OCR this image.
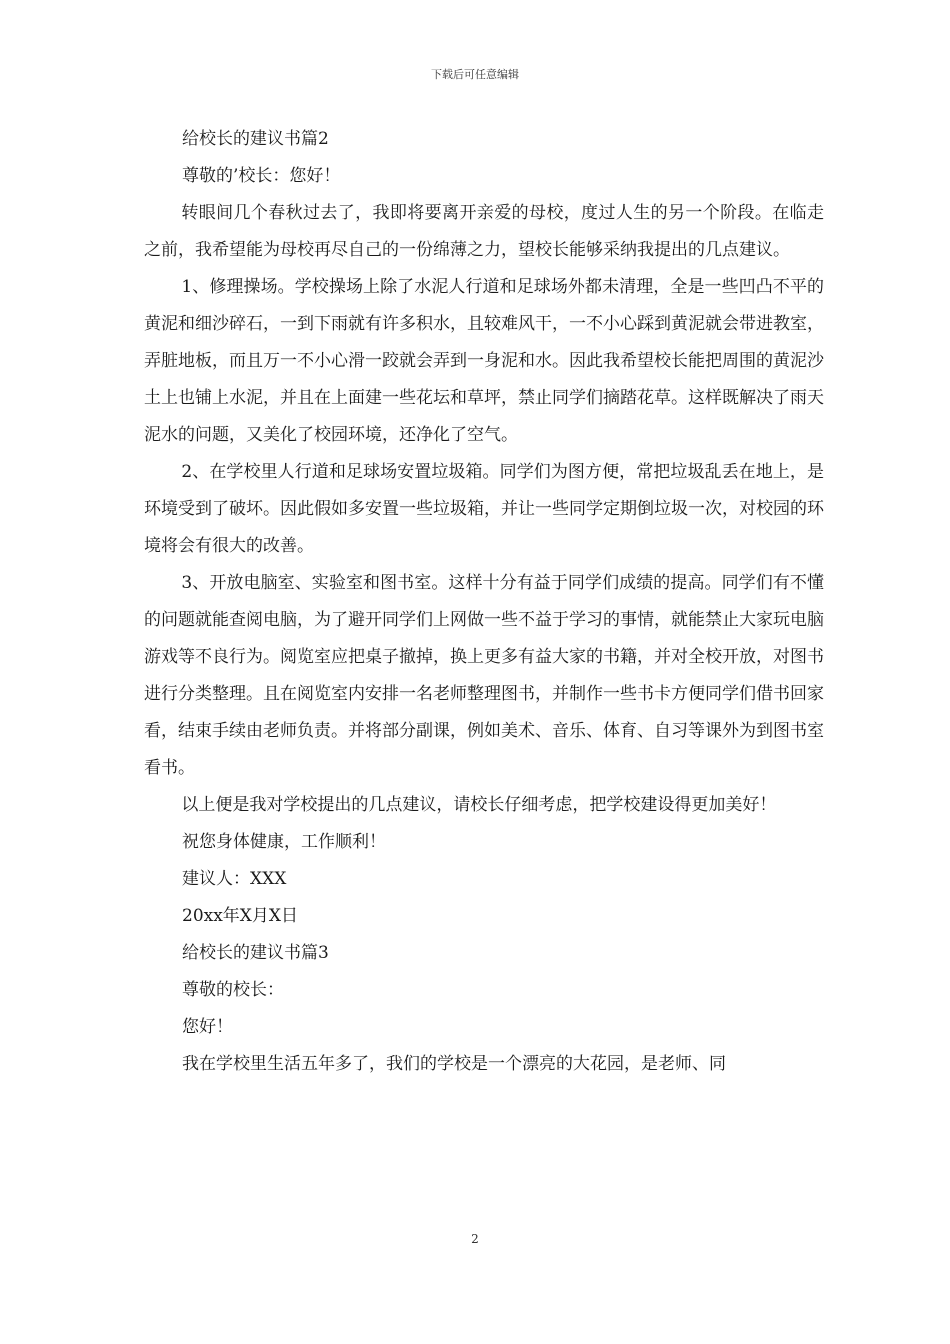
下载后可任意编辑

给校长的建议书篇2

尊敬的’校长：您好！

转眼间几个春秋过去了，我即将要离开亲爱的母校，度过人生的另一个阶段。在临走之前，我希望能为母校再尽自己的一份绵薄之力，望校长能够采纳我提出的几点建议。

1、修理操场。学校操场上除了水泥人行道和足球场外都未清理，全是一些凹凸不平的黄泥和细沙碎石，一到下雨就有许多积水，且较难风干，一不小心踩到黄泥就会带进教室，弄脏地板，而且万一不小心滑一跤就会弄到一身泥和水。因此我希望校长能把周围的黄泥沙土上也铺上水泥，并且在上面建一些花坛和草坪，禁止同学们摘踏花草。这样既解决了雨天泥水的问题，又美化了校园环境，还净化了空气。

2、在学校里人行道和足球场安置垃圾箱。同学们为图方便，常把垃圾乱丢在地上，是环境受到了破坏。因此假如多安置一些垃圾箱，并让一些同学定期倒垃圾一次，对校园的环境将会有很大的改善。

3、开放电脑室、实验室和图书室。这样十分有益于同学们成绩的提高。同学们有不懂的问题就能查阅电脑，为了避开同学们上网做一些不益于学习的事情，就能禁止大家玩电脑游戏等不良行为。阅览室应把桌子撤掉，换上更多有益大家的书籍，并对全校开放，对图书进行分类整理。且在阅览室内安排一名老师整理图书，并制作一些书卡方便同学们借书回家看，结束手续由老师负责。并将部分副课，例如美术、音乐、体育、自习等课外为到图书室看书。

以上便是我对学校提出的几点建议，请校长仔细考虑，把学校建设得更加美好！

祝您身体健康，工作顺利！

建议人：XXX

20xx年X月X日

给校长的建议书篇3

尊敬的校长：

您好！

我在学校里生活五年多了，我们的学校是一个漂亮的大花园，是老师、同

2
